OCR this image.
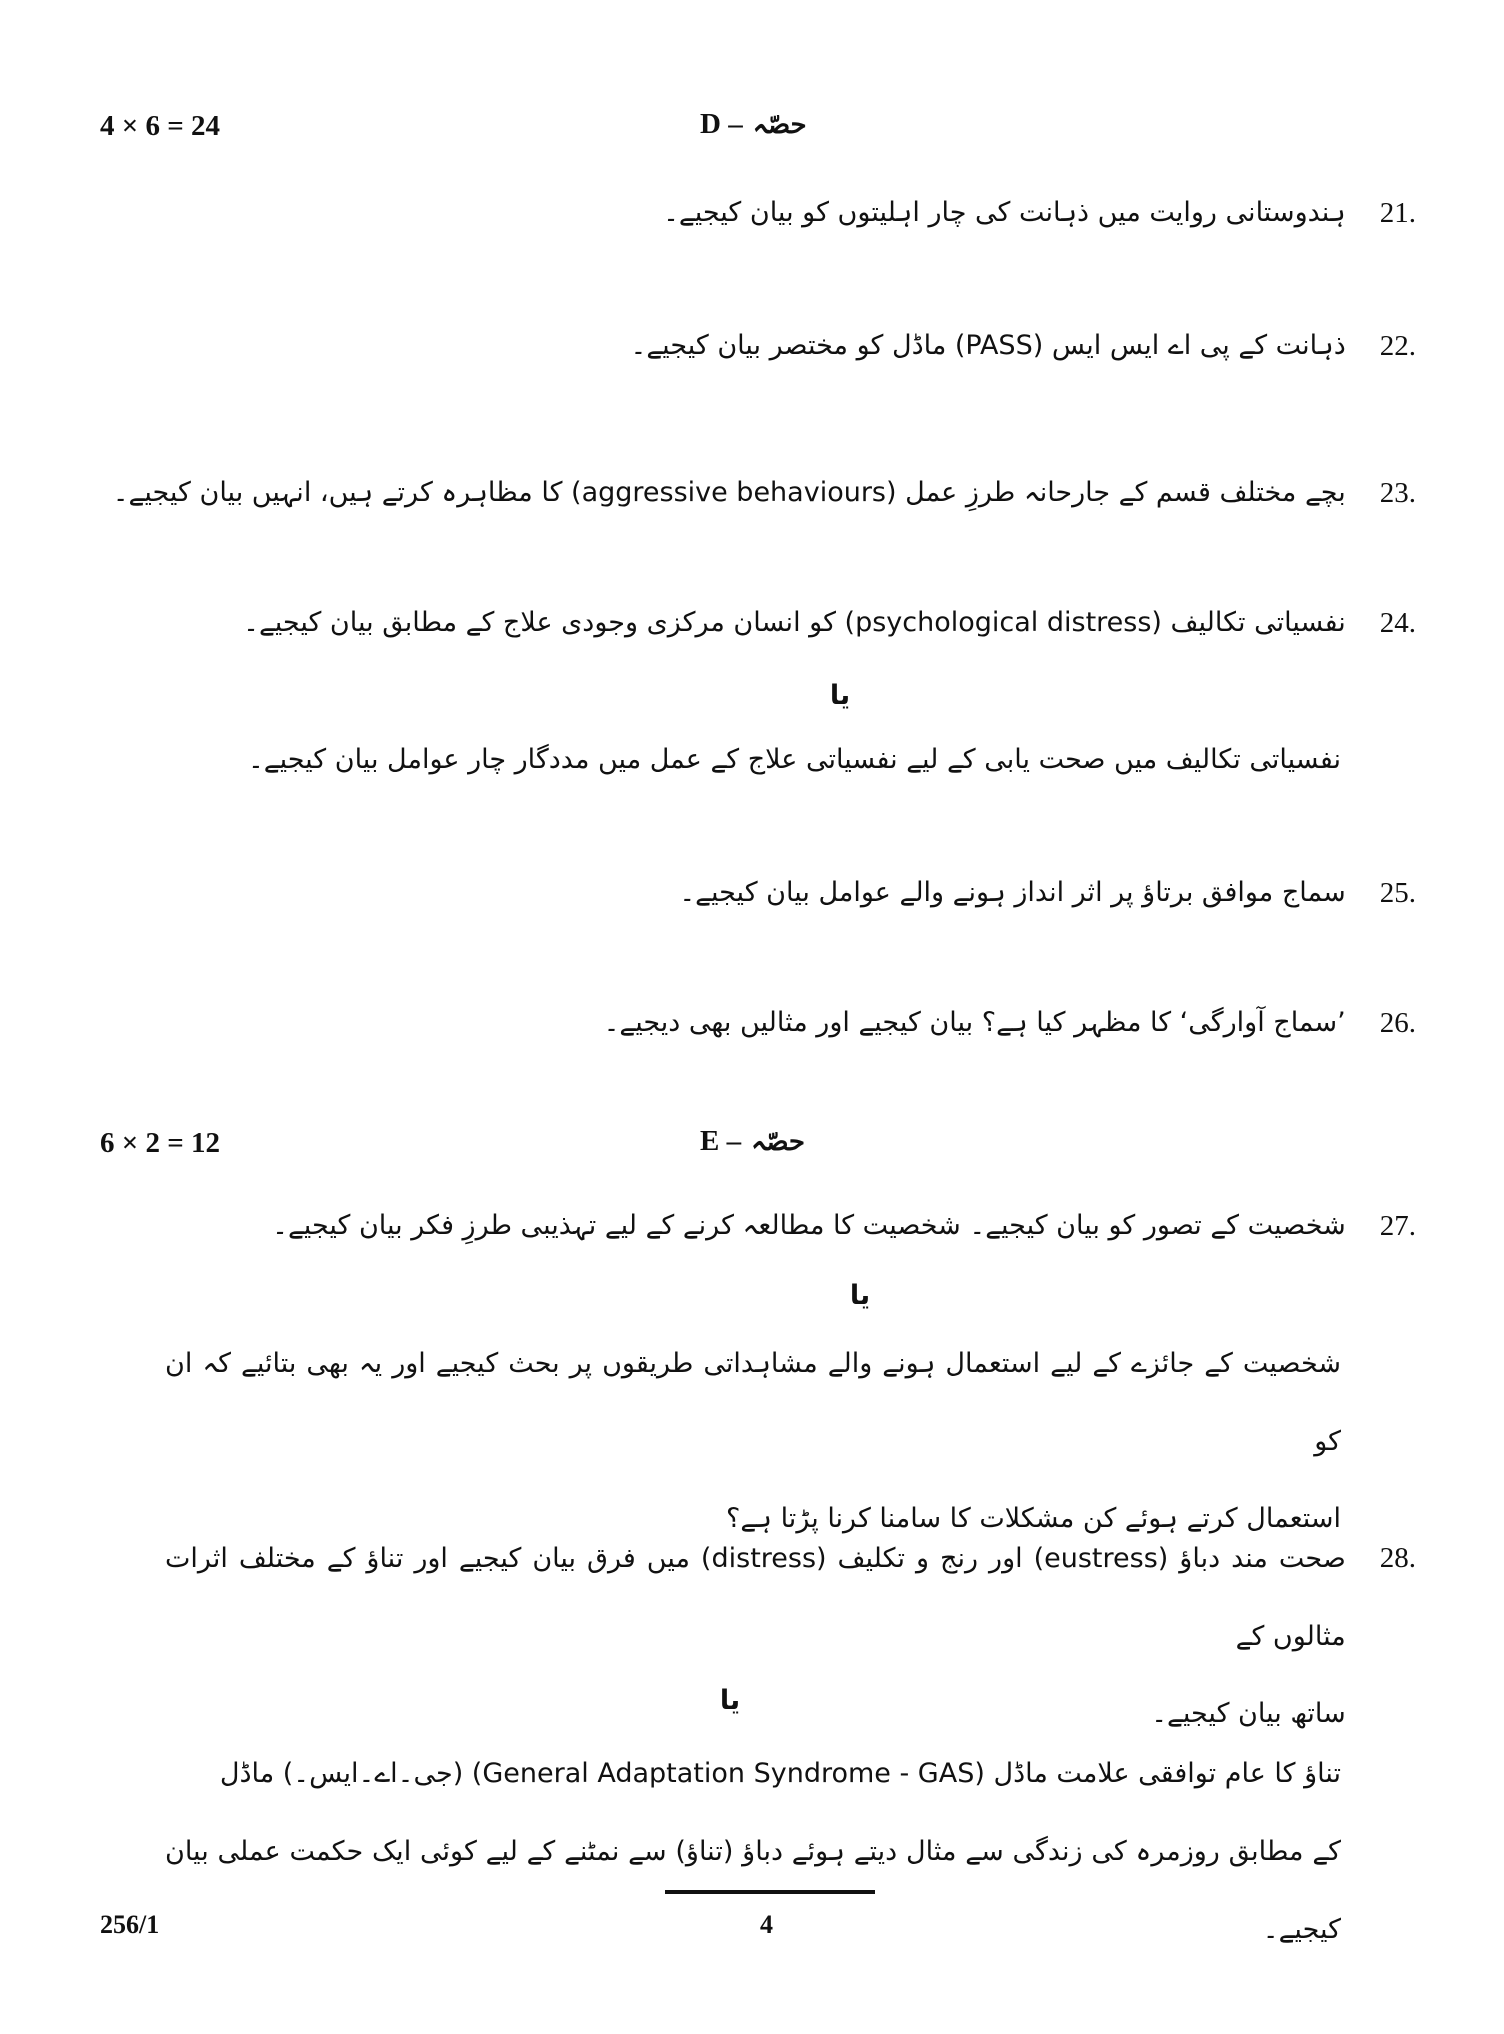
4 × 6 = 24	D – حصّہ
ہندوستانی روایت میں ذہانت کی چار اہلیتوں کو بیان کیجیے۔ 21.
ذہانت کے پی اے ایس ایس (PASS) ماڈل کو مختصر بیان کیجیے۔ 22.
بچے مختلف قسم کے جارحانہ طرزِ عمل (aggressive behaviours) کا مظاہرہ کرتے ہیں، انہیں بیان کیجیے۔ 23.
نفسیاتی تکالیف (psychological distress) کو انسان مرکزی وجودی علاج کے مطابق بیان کیجیے۔ 24.
یا
نفسیاتی تکالیف میں صحت یابی کے لیے نفسیاتی علاج کے عمل میں مددگار چار عوامل بیان کیجیے۔
سماج موافق برتاؤ پر اثر انداز ہونے والے عوامل بیان کیجیے۔ 25.
’سماج آوارگی‘ کا مظہر کیا ہے؟ بیان کیجیے اور مثالیں بھی دیجیے۔ 26.
6 × 2 = 12	E – حصّہ
شخصیت کے تصور کو بیان کیجیے۔ شخصیت کا مطالعہ کرنے کے لیے تہذیبی طرزِ فکر بیان کیجیے۔ 27.
یا
شخصیت کے جائزے کے لیے استعمال ہونے والے مشاہداتی طریقوں پر بحث کیجیے اور یہ بھی بتائیے کہ ان کو
استعمال کرتے ہوئے کن مشکلات کا سامنا کرنا پڑتا ہے؟
28.
صحت مند دباؤ (eustress) اور رنج و تکلیف (distress) میں فرق بیان کیجیے اور تناؤ کے مختلف اثرات مثالوں کے
ساتھ بیان کیجیے۔
یا
تناؤ کا عام توافقی علامت ماڈل (General Adaptation Syndrome - GAS) (جی۔اے۔ایس۔) ماڈل
کے مطابق روزمرہ کی زندگی سے مثال دیتے ہوئے دباؤ (تناؤ) سے نمٹنے کے لیے کوئی ایک حکمت عملی بیان کیجیے۔
256/1	4
